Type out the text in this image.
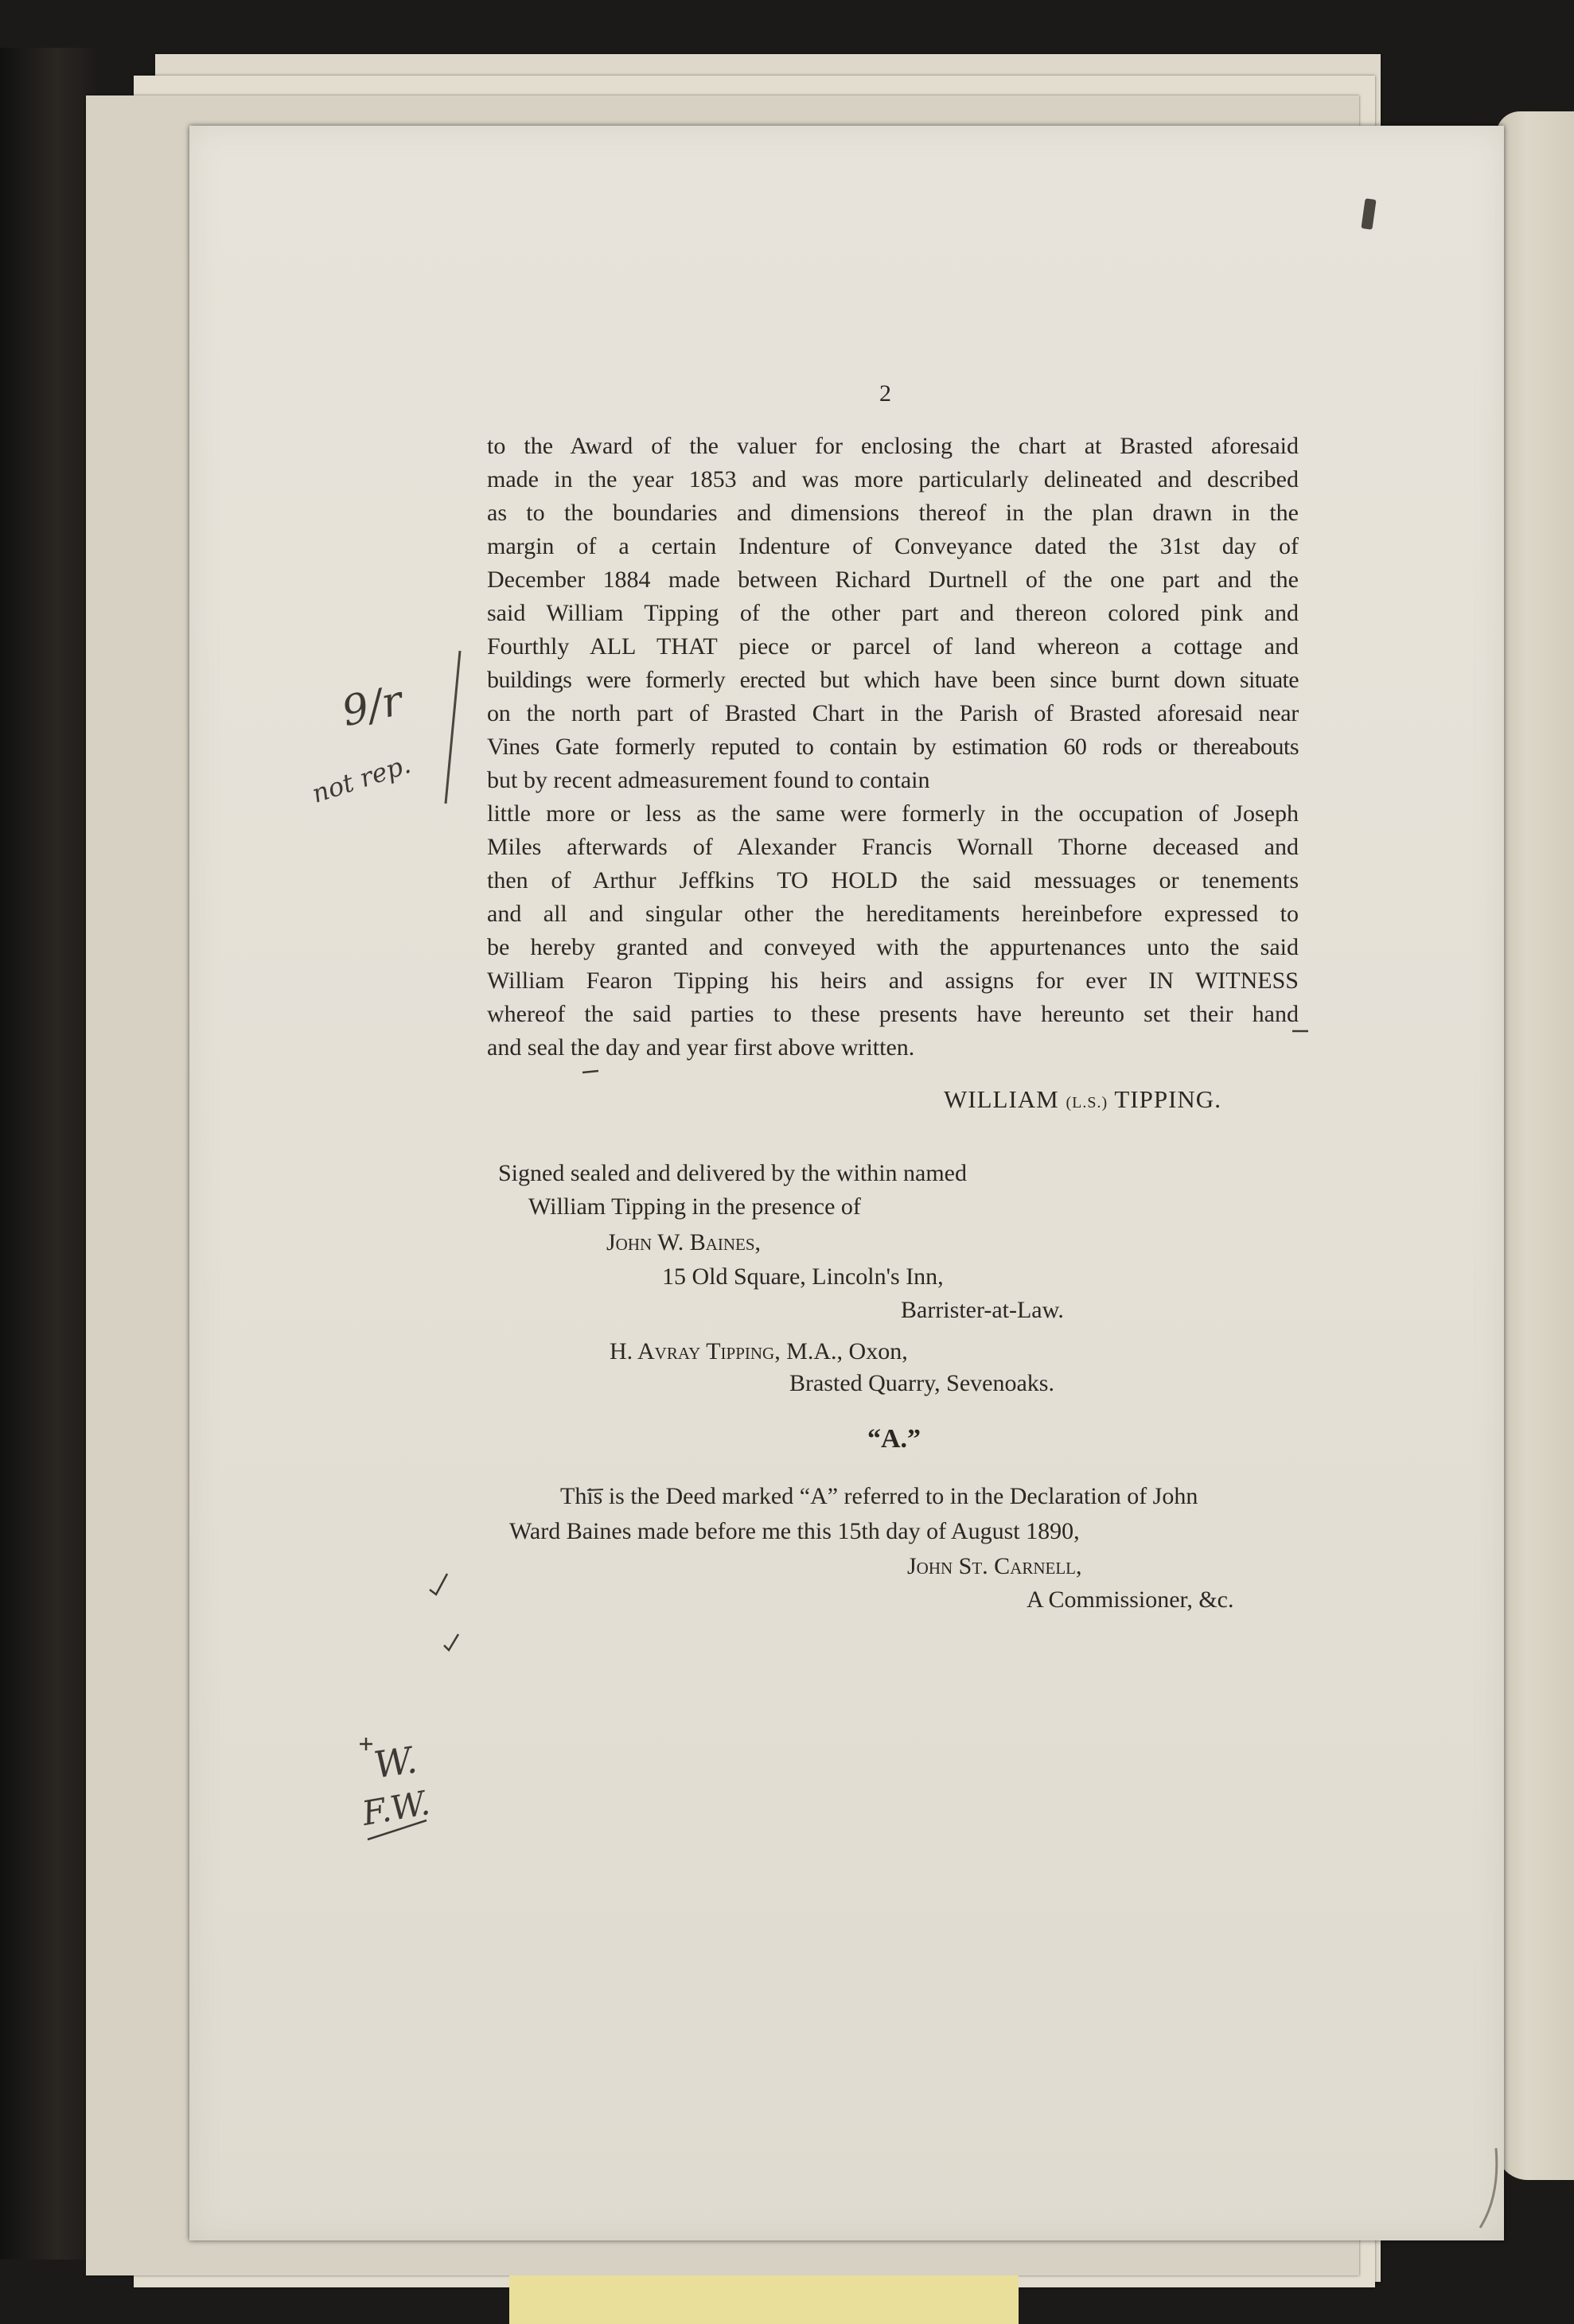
2
to the Award of the valuer for enclosing the chart at Brasted aforesaid
made in the year 1853 and was more particularly delineated and described
as to the boundaries and dimensions thereof in the plan drawn in the
margin of a certain Indenture of Conveyance dated the 31st day of
December 1884 made between Richard Durtnell of the one part and the
said William Tipping of the other part and thereon colored pink and
Fourthly ALL THAT piece or parcel of land whereon a cottage and
buildings were formerly erected but which have been since burnt down situate
on the north part of Brasted Chart in the Parish of Brasted aforesaid near
Vines Gate formerly reputed to contain by estimation 60 rods or thereabouts
but by recent admeasurement found to contain
little more or less as the same were formerly in the occupation of Joseph
Miles afterwards of Alexander Francis Wornall Thorne deceased and
then of Arthur Jeffkins TO HOLD the said messuages or tenements
and all and singular other the hereditaments hereinbefore expressed to
be hereby granted and conveyed with the appurtenances unto the said
William Fearon Tipping his heirs and assigns for ever IN WITNESS
whereof the said parties to these presents have hereunto set their hand
and seal the day and year first above written.
WILLIAM (L.S.) TIPPING.
Signed sealed and delivered by the within named
William Tipping in the presence of
John W. Baines,
15 Old Square, Lincoln's Inn,
Barrister-at-Law.
H. Avray Tipping, M.A., Oxon,
Brasted Quarry, Sevenoaks.
“A.”
This is the Deed marked “A” referred to in the Declaration of John
Ward Baines made before me this 15th day of August 1890,
John St. Carnell,
A Commissioner, &c.
9/r
not rep.
W.
F.W.
